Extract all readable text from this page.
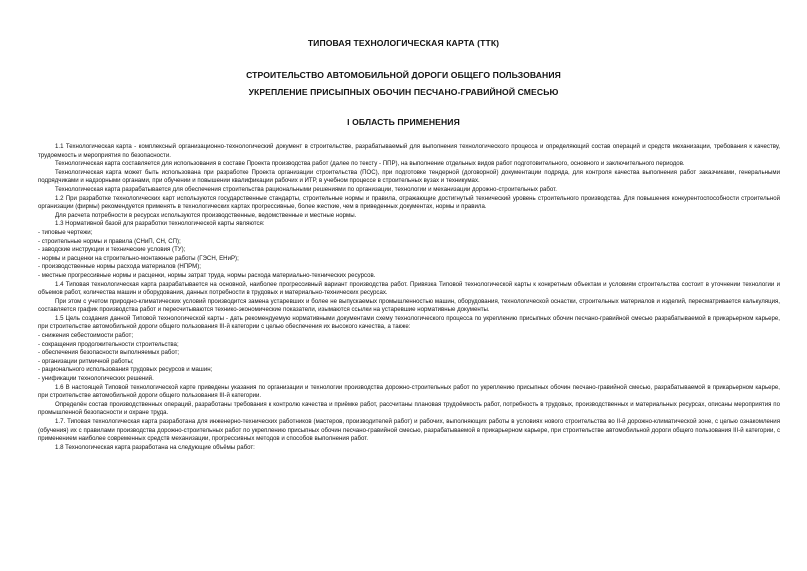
ТИПОВАЯ ТЕХНОЛОГИЧЕСКАЯ КАРТА (ТТК)
СТРОИТЕЛЬСТВО АВТОМОБИЛЬНОЙ ДОРОГИ ОБЩЕГО ПОЛЬЗОВАНИЯ
УКРЕПЛЕНИЕ ПРИСЫПНЫХ ОБОЧИН ПЕСЧАНО-ГРАВИЙНОЙ СМЕСЬЮ
I ОБЛАСТЬ ПРИМЕНЕНИЯ

1.1 Технологическая карта - комплексный организационно-технологический документ в строительстве, разрабатываемый для выполнения технологического процесса и определяющий состав операций и средств механизации, требования к качеству, трудоемкость и мероприятия по безопасности.

Технологическая карта составляется для использования в составе Проекта производства работ (далее по тексту - ППР), на выполнение отдельных видов работ подготовительного, основного и заключительного периодов.

Технологическая карта может быть использована при разработке Проекта организации строительства (ПОС), при подготовке тендерной (договорной) документации подряда, для контроля качества выполнения работ заказчиками, генеральными подрядчиками и надзорными органами, при обучении и повышении квалификации рабочих и ИТР, в учебном процессе в строительных вузах и техникумах.

Технологическая карта разрабатывается для обеспечения строительства рациональными решениями по организации, технологии и механизации дорожно-строительных работ.

1.2 При разработке технологических карт используются государственные стандарты, строительные нормы и правила, отражающие достигнутый технический уровень строительного производства. Для повышения конкурентоспособности строительной организации (фирмы) рекомендуется применять в технологических картах прогрессивные, более жесткие, чем в приведенных документах, нормы и правила.

Для расчета потребности в ресурсах используются производственные, ведомственные и местные нормы.

1.3 Нормативной базой для разработки технологической карты являются:

- типовые чертежи;

- строительные нормы и правила (СНиП, СН, СП);

- заводские инструкции и технические условия (ТУ);

- нормы и расценки на строительно-монтажные работы (ГЭСН, ЕНиР);

- производственные нормы расхода материалов (НПРМ);

- местные прогрессивные нормы и расценки, нормы затрат труда, нормы расхода материально-технических ресурсов.

1.4 Типовая технологическая карта разрабатывается на основной, наиболее прогрессивный вариант производства работ. Привязка Типовой технологической карты к конкретным объектам и условиям строительства состоит в уточнении технологии и объемов работ, количества машин и оборудования, данных потребности в трудовых и материально-технических ресурсах.

При этом с учетом природно-климатических условий производится замена устаревших и более не выпускаемых промышленностью машин, оборудования, технологической оснастки, строительных материалов и изделий, пересматривается калькуляция, составляется график производства работ и пересчитываются технико-экономические показатели, изымаются ссылки на устаревшие нормативные документы.

1.5 Цель создания данной Типовой технологической карты - дать рекомендуемую нормативными документами схему технологического процесса по укреплению присыпных обочин песчано-гравийной смесью разрабатываемой в прикарьерном карьере, при строительстве автомобильной дороги общего пользования III-й категории с целью обеспечения их высокого качества, а также:

- снижения себестоимости работ;

- сокращения продолжительности строительства;

- обеспечения безопасности выполняемых работ;

- организации ритмичной работы;

- рационального использования трудовых ресурсов и машин;

- унификации технологических решений.

1.6 В настоящей Типовой технологической карте приведены указания по организации и технологии производства дорожно-строительных работ по укреплению присыпных обочин песчано-гравийной смесью, разрабатываемой в прикарьерном карьере, при строительстве автомобильной дороги общего пользования III-й категории.

Определён состав производственных операций, разработаны требования к контролю качества и приёмке работ, рассчитаны плановая трудоёмкость работ, потребность в трудовых, производственных и материальных ресурсах, описаны мероприятия по промышленной безопасности и охране труда.

1.7. Типовая технологическая карта разработана для инженерно-технических работников (мастеров, производителей работ) и рабочих, выполняющих работы в условиях нового строительства во II-й дорожно-климатической зоне, с целью ознакомления (обучения) их с правилами производства дорожно-строительных работ по укреплению присыпных обочин песчано-гравийной смесью, разрабатываемой в прикарьерном карьере, при строительстве автомобильной дороги общего пользования III-й категории, с применением наиболее современных средств механизации, прогрессивных методов и способов выполнения работ.

1.8 Технологическая карта разработана на следующие объёмы работ:
